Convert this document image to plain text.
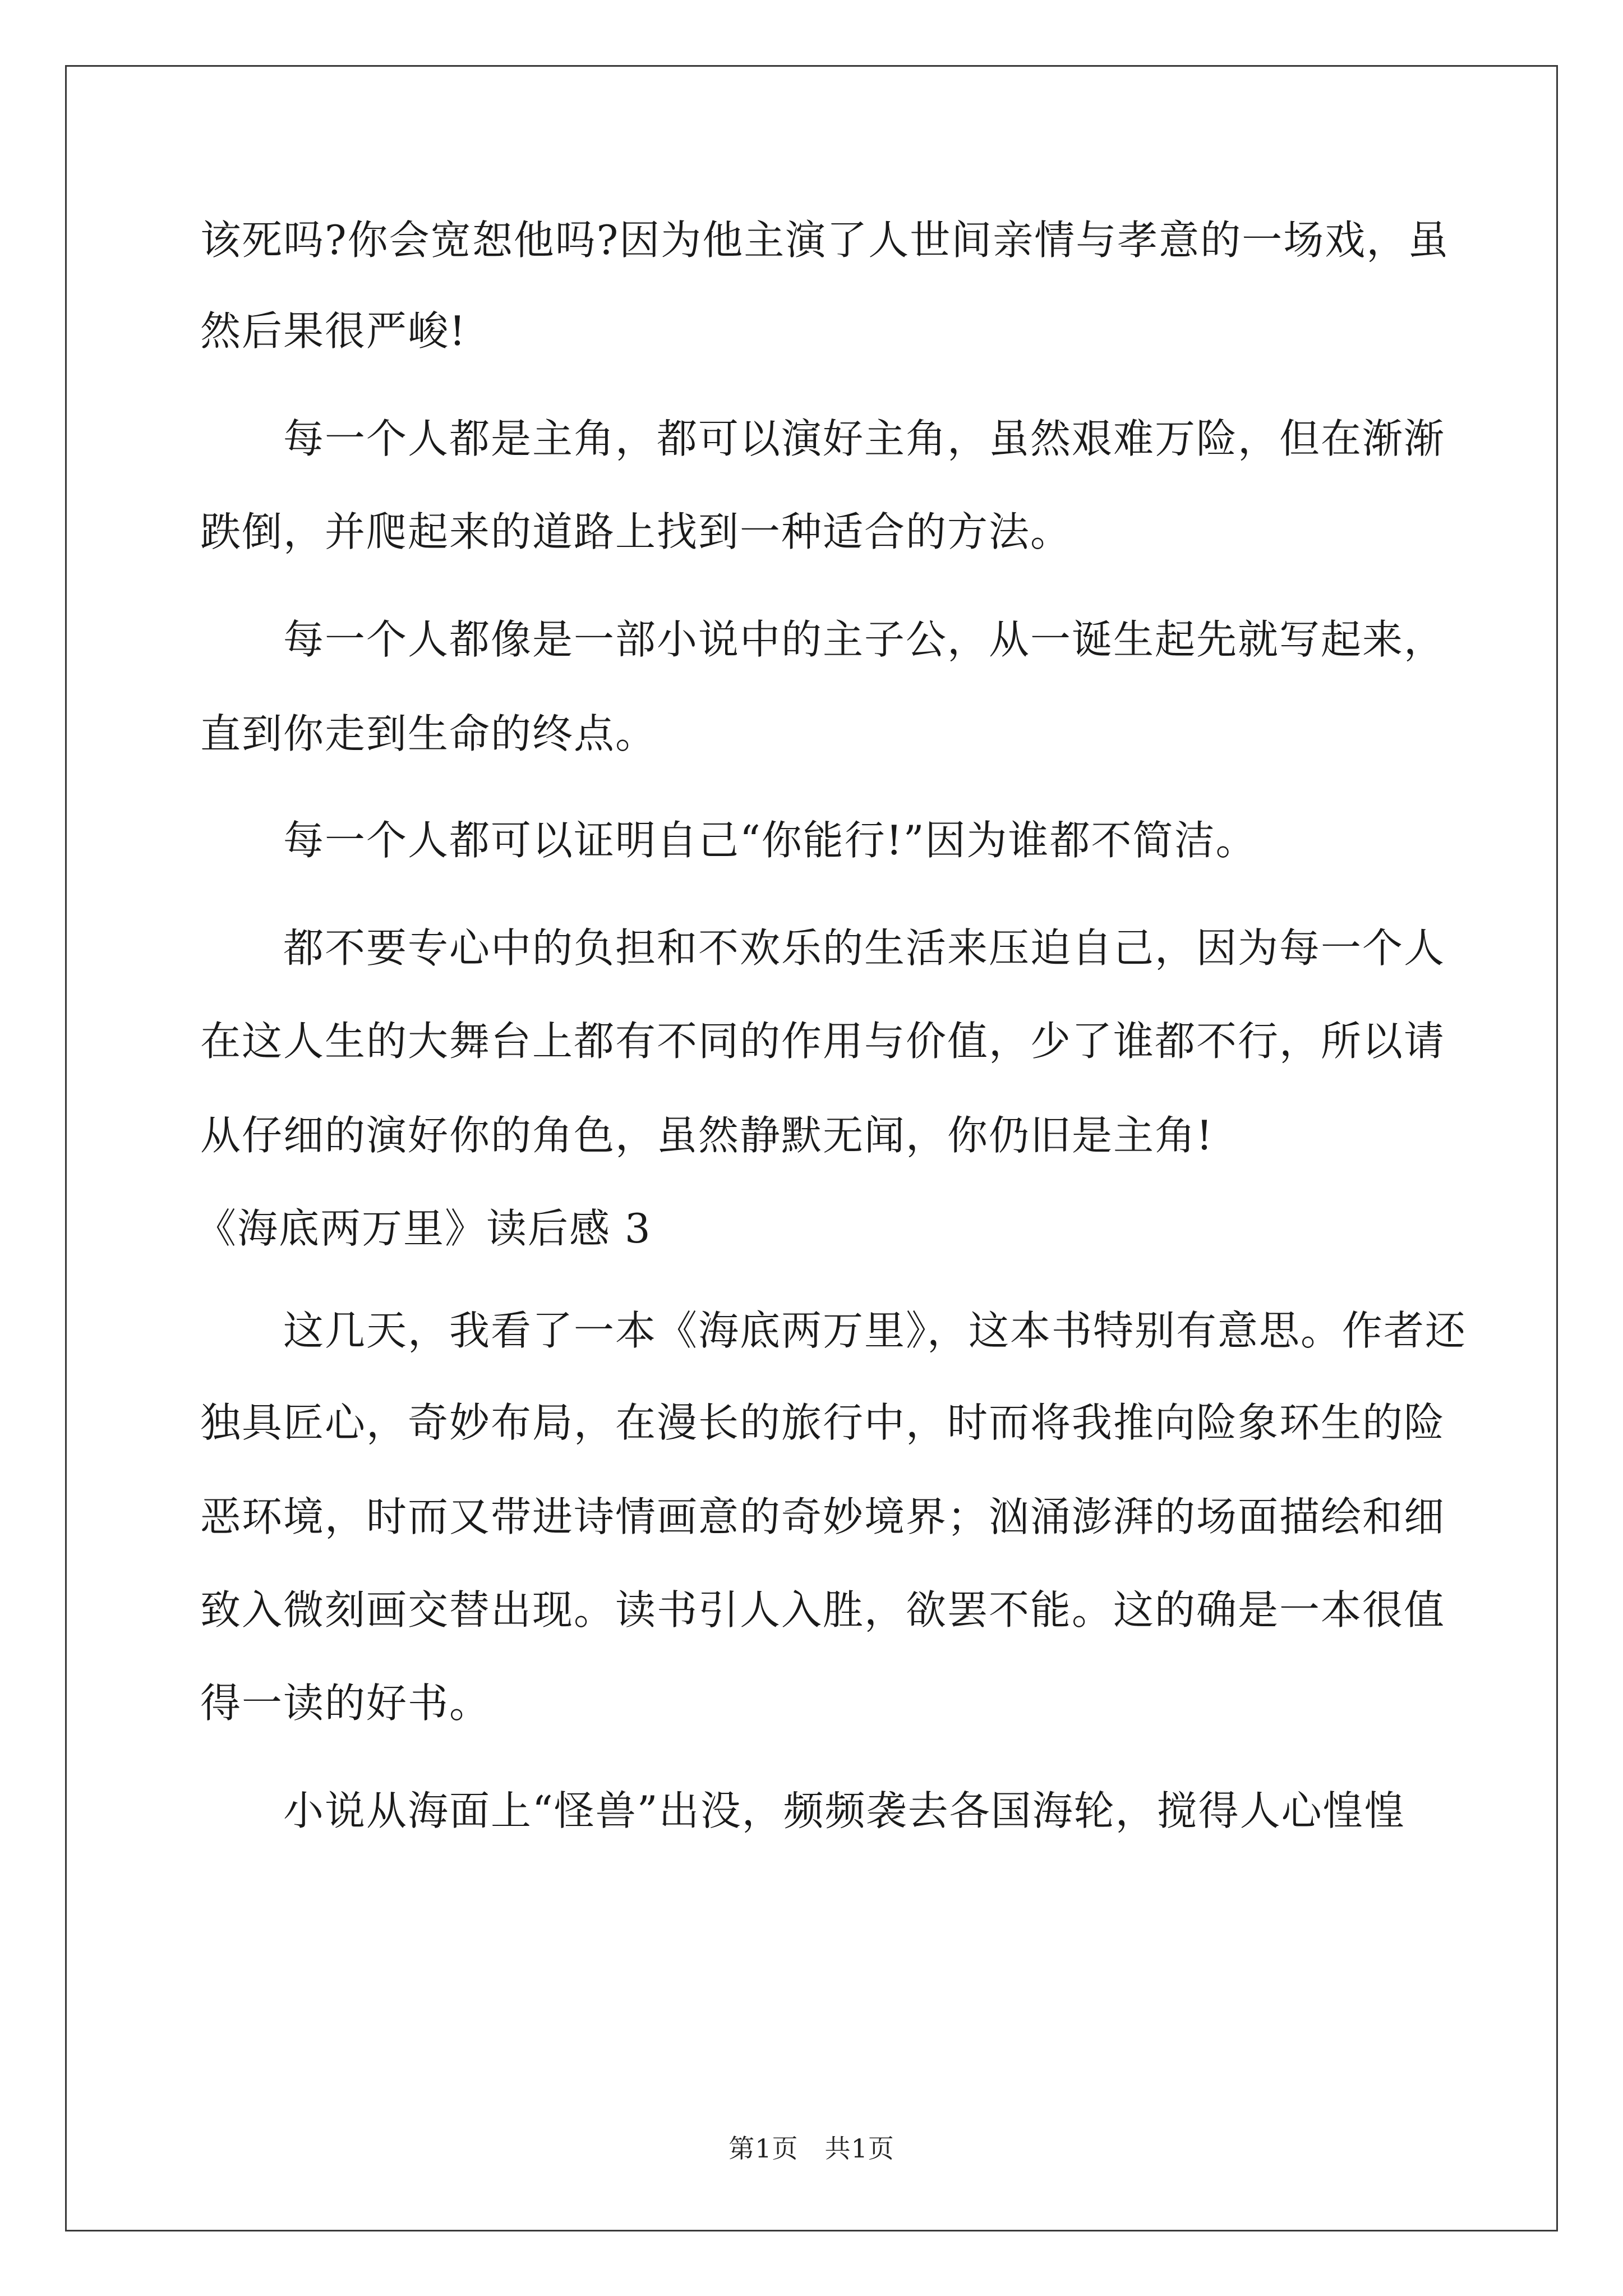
该死吗?你会宽恕他吗?因为他主演了人世间亲情与孝意的一场戏，虽
然后果很严峻!
　　每一个人都是主角，都可以演好主角，虽然艰难万险，但在渐渐
跌倒，并爬起来的道路上找到一种适合的方法。
　　每一个人都像是一部小说中的主子公，从一诞生起先就写起来，
直到你走到生命的终点。
　　每一个人都可以证明自己“你能行!”因为谁都不简洁。
　　都不要专心中的负担和不欢乐的生活来压迫自己，因为每一个人
在这人生的大舞台上都有不同的作用与价值，少了谁都不行，所以请
从仔细的演好你的角色，虽然静默无闻，你仍旧是主角!
《海底两万里》读后感 3
　　这几天，我看了一本《海底两万里》，这本书特别有意思。作者还
独具匠心，奇妙布局，在漫长的旅行中，时而将我推向险象环生的险
恶环境，时而又带进诗情画意的奇妙境界；汹涌澎湃的场面描绘和细
致入微刻画交替出现。读书引人入胜，欲罢不能。这的确是一本很值
得一读的好书。
　　小说从海面上“怪兽”出没，频频袭去各国海轮，搅得人心惶惶
第1页　共1页
